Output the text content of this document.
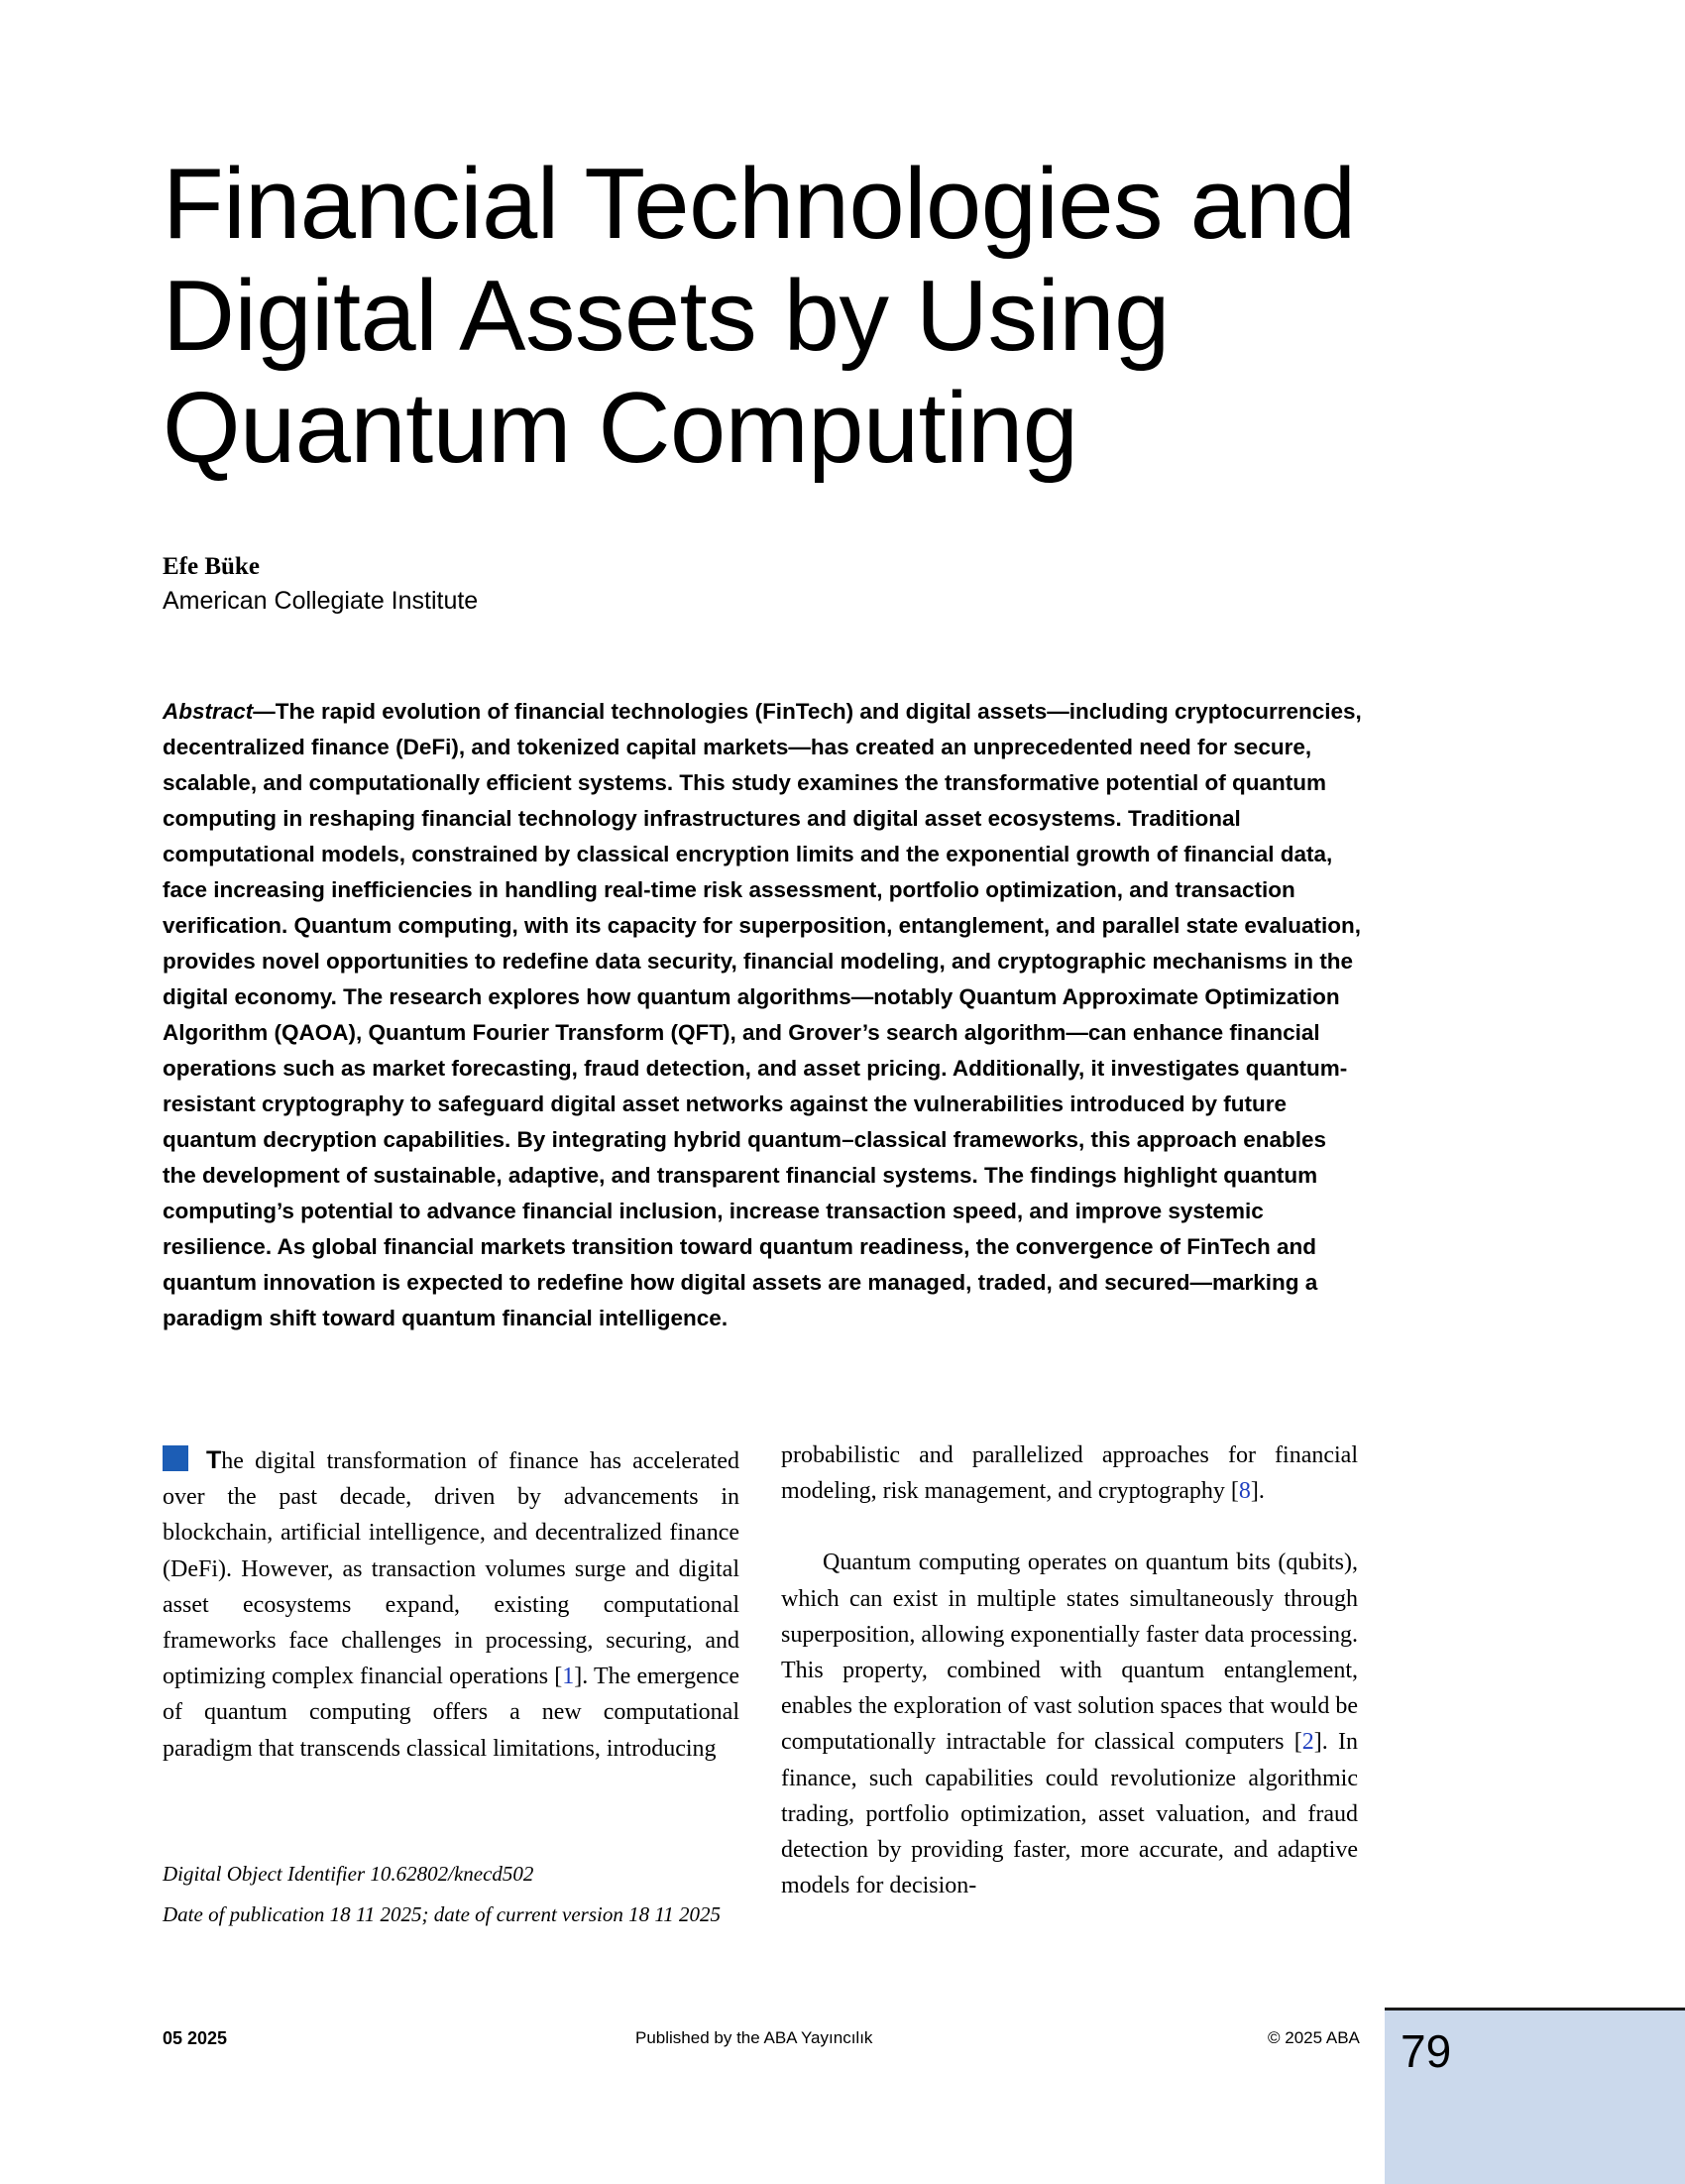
Financial Technologies and
Digital Assets by Using
Quantum Computing
Efe Büke
American Collegiate Institute

Abstract—The rapid evolution of financial technologies (FinTech) and digital assets—including cryptocurrencies, decentralized finance (DeFi), and tokenized capital markets—has created an unprecedented need for secure, scalable, and computationally efficient systems. This study examines the transformative potential of quantum computing in reshaping financial technology infrastructures and digital asset ecosystems. Traditional computational models, constrained by classical encryption limits and the exponential growth of financial data, face increasing inefficiencies in handling real-time risk assessment, portfolio optimization, and transaction verification. Quantum computing, with its capacity for superposition, entanglement, and parallel state evaluation, provides novel opportunities to redefine data security, financial modeling, and cryptographic mechanisms in the digital economy. The research explores how quantum algorithms—notably Quantum Approximate Optimization Algorithm (QAOA), Quantum Fourier Transform (QFT), and Grover’s search algorithm—can enhance financial operations such as market forecasting, fraud detection, and asset pricing. Additionally, it investigates quantum-resistant cryptography to safeguard digital asset networks against the vulnerabilities introduced by future quantum decryption capabilities. By integrating hybrid quantum–classical frameworks, this approach enables the development of sustainable, adaptive, and transparent financial systems. The findings highlight quantum computing’s potential to advance financial inclusion, increase transaction speed, and improve systemic resilience. As global financial markets transition toward quantum readiness, the convergence of FinTech and quantum innovation is expected to redefine how digital assets are managed, traded, and secured—marking a paradigm shift toward quantum financial intelligence.

The digital transformation of finance has accelerated over the past decade, driven by advancements in blockchain, artificial intelligence, and decentralized finance (DeFi). However, as transaction volumes surge and digital asset ecosystems expand, existing computational frameworks face challenges in processing, securing, and optimizing complex financial operations [1]. The emergence of quantum computing offers a new computational paradigm that transcends classical limitations, introducing

Digital Object Identifier 10.62802/knecd502
Date of publication 18 11 2025; date of current version 18 11 2025

probabilistic and parallelized approaches for financial modeling, risk management, and cryptography [8].

Quantum computing operates on quantum bits (qubits), which can exist in multiple states simultaneously through superposition, allowing exponentially faster data processing. This property, combined with quantum entanglement, enables the exploration of vast solution spaces that would be computationally intractable for classical computers [2]. In finance, such capabilities could revolutionize algorithmic trading, portfolio optimization, asset valuation, and fraud detection by providing faster, more accurate, and adaptive models for decision-

05 2025	Published by the ABA Yayıncılık	© 2025 ABA 79
